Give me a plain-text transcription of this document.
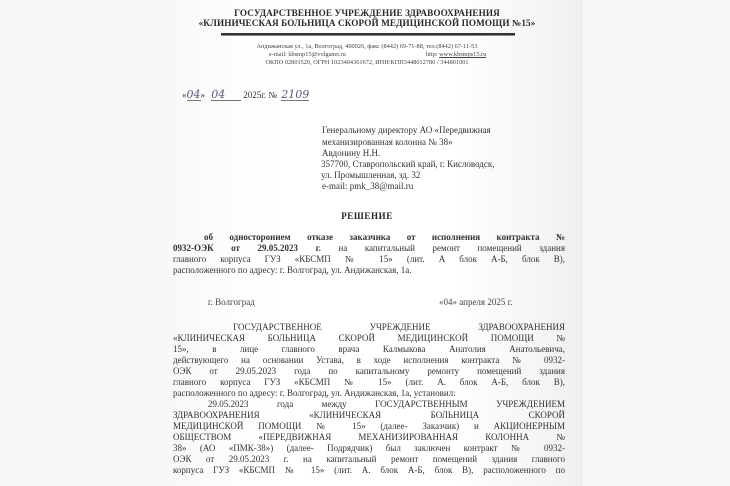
ГОСУДАРСТВЕННОЕ УЧРЕЖДЕНИЕ ЗДРАВООХРАНЕНИЯ
«КЛИНИЧЕСКАЯ БОЛЬНИЦА СКОРОЙ МЕДИЦИНСКОЙ ПОМОЩИ №15»
Андижанская ул., 1а, Волгоград, 400026, факс (8442) 69-71-88, тел.(8442) 67-11-53
e-mail: kbsmp15@volganet.ru	http: www.kbsmps15.ru
ОКПО 02801520, ОГРН 1023404361672, ИНН/КПП3448012780 / 344801001
«04» 04 2025г. № 2109
Генеральному директору АО «Передвижная
механизированная колонна № 38»
Авдонину Н.Н.
357700, Ставропольский край, г. Кисловодск,
ул. Промышленная, зд. 32
e-mail: pmk_38@mail.ru
РЕШЕНИЕ
об одностороннем отказе заказчика от исполнения контракта №
0932-ОЭК от 29.05.2023 г. на капитальный ремонт помещений здания
главного корпуса ГУЗ «КБСМП № 15» (лит. А блок А-Б, блок В),
расположенного по адресу: г. Волгоград, ул. Андижанская, 1а.
г. Волгоград	«04» апреля 2025 г.
ГОСУДАРСТВЕННОЕ УЧРЕЖДЕНИЕ ЗДРАВООХРАНЕНИЯ
«КЛИНИЧЕСКАЯ БОЛЬНИЦА СКОРОЙ МЕДИЦИНСКОЙ ПОМОЩИ №
15», в лице главного врача Калмыкова Анатолия Анатольевича,
действующего на основании Устава, в ходе исполнения контракта № 0932-
ОЭК от 29.05.2023 года по капитальному ремонту помещений здания
главного корпуса ГУЗ «КБСМП № 15» (лит. А. блок А-Б, блок В),
расположенного по адресу: г. Волгоград, ул. Андижанская, 1а, установил:
29.05.2023 года между ГОСУДАРСТВЕННЫМ УЧРЕЖДЕНИЕМ
ЗДРАВООХРАНЕНИЯ «КЛИНИЧЕСКАЯ БОЛЬНИЦА СКОРОЙ
МЕДИЦИНСКОЙ ПОМОЩИ № 15» (далее- Заказчик) и АКЦИОНЕРНЫМ
ОБЩЕСТВОМ «ПЕРЕДВИЖНАЯ МЕХАНИЗИРОВАННАЯ КОЛОННА №
38» (АО «ПМК-38») (далее- Подрядчик) был заключен контракт № 0932-
ОЭК от 29.05.2023 г. на капитальный ремонт помещений здания главного
корпуса ГУЗ «КБСМП № 15» (лит. А. блок А-Б, блок В), расположенного по
